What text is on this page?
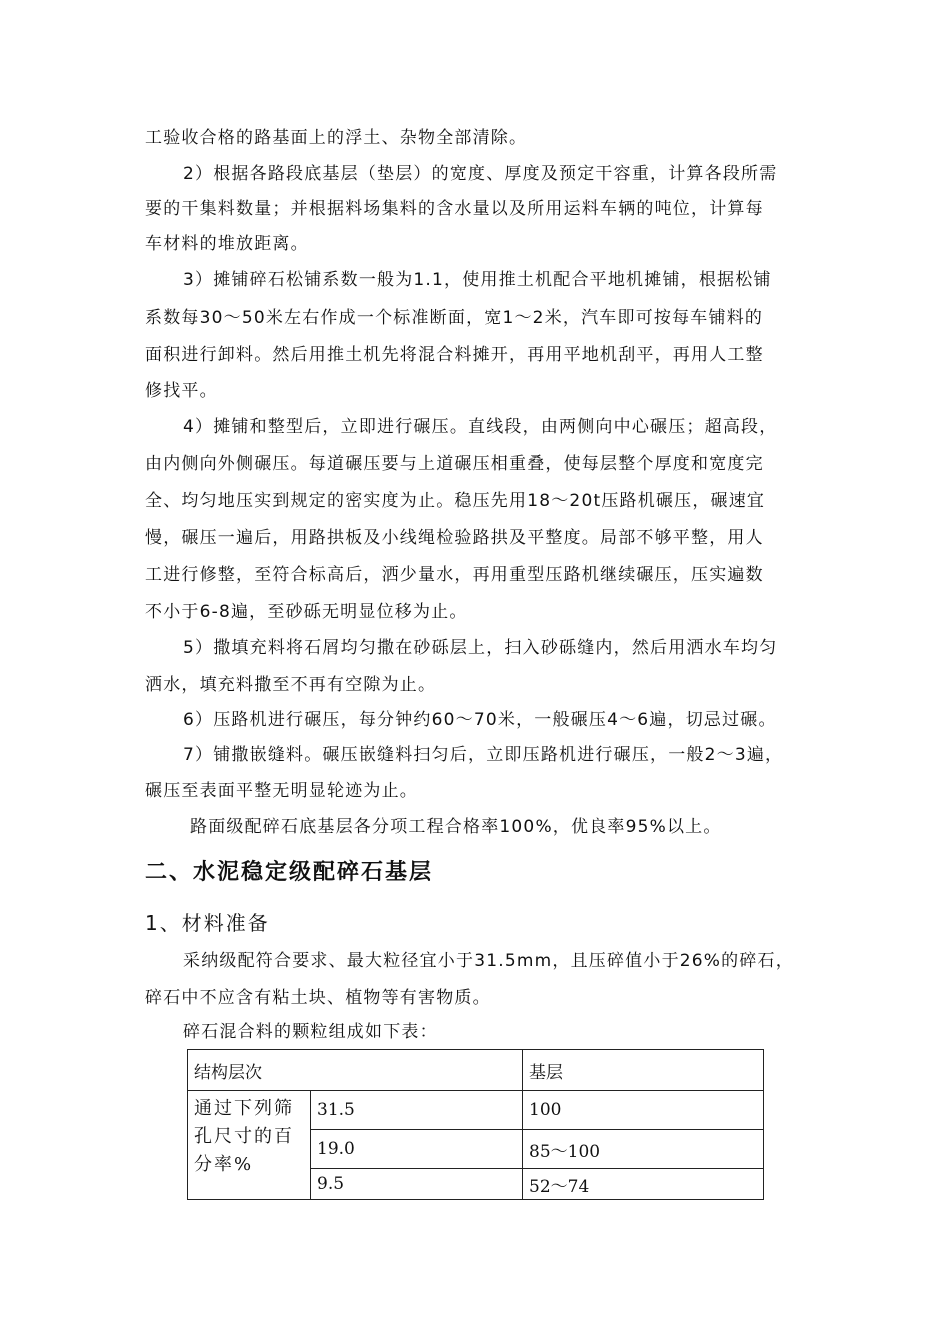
工验收合格的路基面上的浮土、杂物全部清除。
2）根据各路段底基层（垫层）的宽度、厚度及预定干容重，计算各段所需
要的干集料数量；并根据料场集料的含水量以及所用运料车辆的吨位，计算每
车材料的堆放距离。
3）摊铺碎石松铺系数一般为1.1，使用推土机配合平地机摊铺，根据松铺
系数每30～50米左右作成一个标准断面，宽1～2米，汽车即可按每车铺料的
面积进行卸料。然后用推土机先将混合料摊开，再用平地机刮平，再用人工整
修找平。
4）摊铺和整型后，立即进行碾压。直线段，由两侧向中心碾压；超高段，
由内侧向外侧碾压。每道碾压要与上道碾压相重叠，使每层整个厚度和宽度完
全、均匀地压实到规定的密实度为止。稳压先用18～20t压路机碾压，碾速宜
慢，碾压一遍后，用路拱板及小线绳检验路拱及平整度。局部不够平整，用人
工进行修整，至符合标高后，洒少量水，再用重型压路机继续碾压，压实遍数
不小于6-8遍，至砂砾无明显位移为止。
5）撒填充料将石屑均匀撒在砂砾层上，扫入砂砾缝内，然后用洒水车均匀
洒水，填充料撒至不再有空隙为止。
6）压路机进行碾压，每分钟约60～70米，一般碾压4～6遍，切忌过碾。
7）铺撒嵌缝料。碾压嵌缝料扫匀后，立即压路机进行碾压，一般2～3遍，
碾压至表面平整无明显轮迹为止。
路面级配碎石底基层各分项工程合格率100%，优良率95%以上。
二、水泥稳定级配碎石基层
1、材料准备
采纳级配符合要求、最大粒径宜小于31.5mm，且压碎值小于26%的碎石，
碎石中不应含有粘土块、植物等有害物质。
碎石混合料的颗粒组成如下表：
结构层次		基层
通过下列筛孔尺寸的百分率%	31.5	100
	19.0	85～100
	9.5	52～74
